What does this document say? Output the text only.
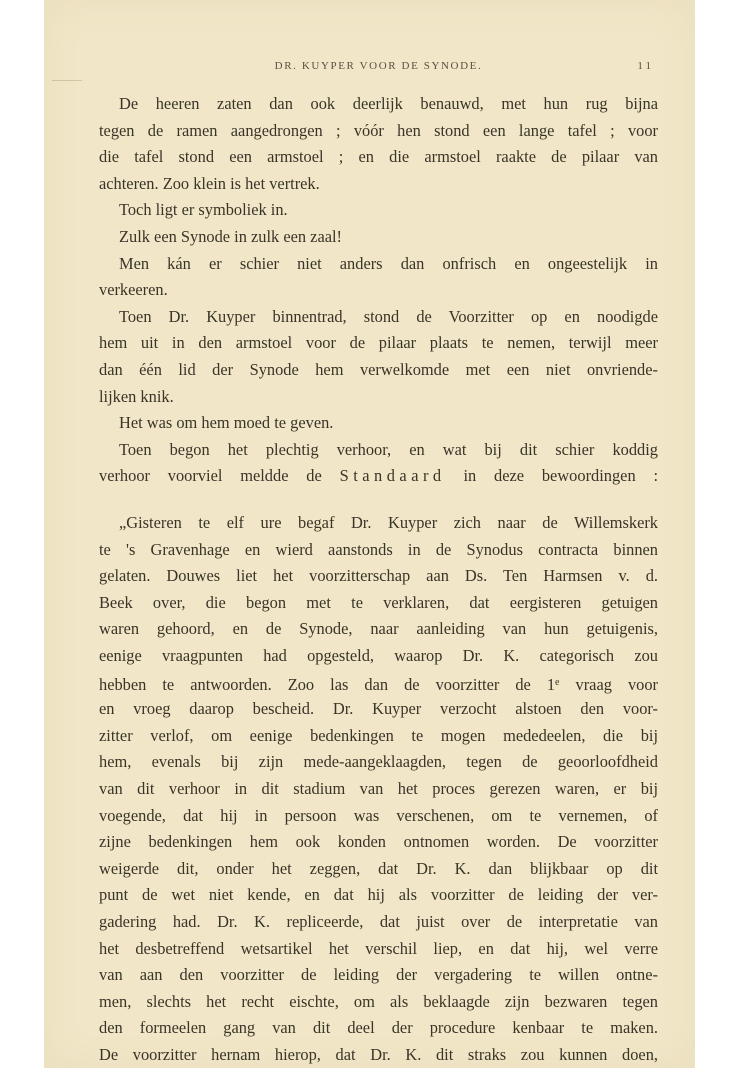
DR. KUYPER VOOR DE SYNODE.	11
De heeren zaten dan ook deerlijk benauwd, met hun rug bijna
tegen de ramen aangedrongen ; vóór hen stond een lange tafel ; voor
die tafel stond een armstoel ; en die armstoel raakte de pilaar van
achteren. Zoo klein is het vertrek.
Toch ligt er symboliek in.
Zulk een Synode in zulk een zaal!
Men kán er schier niet anders dan onfrisch en ongeestelijk in
verkeeren.
Toen Dr. Kuyper binnentrad, stond de Voorzitter op en noodigde
hem uit in den armstoel voor de pilaar plaats te nemen, terwijl meer
dan één lid der Synode hem verwelkomde met een niet onvriende-
lijken knik.
Het was om hem moed te geven.
Toen begon het plechtig verhoor, en wat bij dit schier koddig
verhoor voorviel meldde de Standaard in deze bewoordingen :
„Gisteren te elf ure begaf Dr. Kuyper zich naar de Willemskerk
te 's Gravenhage en wierd aanstonds in de Synodus contracta binnen
gelaten. Douwes liet het voorzitterschap aan Ds. Ten Harmsen v. d.
Beek over, die begon met te verklaren, dat eergisteren getuigen
waren gehoord, en de Synode, naar aanleiding van hun getuigenis,
eenige vraagpunten had opgesteld, waarop Dr. K. categorisch zou
hebben te antwoorden. Zoo las dan de voorzitter de 1e vraag voor
en vroeg daarop bescheid. Dr. Kuyper verzocht alstoen den voor-
zitter verlof, om eenige bedenkingen te mogen mededeelen, die bij
hem, evenals bij zijn mede-aangeklaagden, tegen de geoorloofdheid
van dit verhoor in dit stadium van het proces gerezen waren, er bij
voegende, dat hij in persoon was verschenen, om te vernemen, of
zijne bedenkingen hem ook konden ontnomen worden. De voorzitter
weigerde dit, onder het zeggen, dat Dr. K. dan blijkbaar op dit
punt de wet niet kende, en dat hij als voorzitter de leiding der ver-
gadering had. Dr. K. repliceerde, dat juist over de interpretatie van
het desbetreffend wetsartikel het verschil liep, en dat hij, wel verre
van aan den voorzitter de leiding der vergadering te willen ontne-
men, slechts het recht eischte, om als beklaagde zijn bezwaren tegen
den formeelen gang van dit deel der procedure kenbaar te maken.
De voorzitter hernam hierop, dat Dr. K. dit straks zou kunnen doen,
